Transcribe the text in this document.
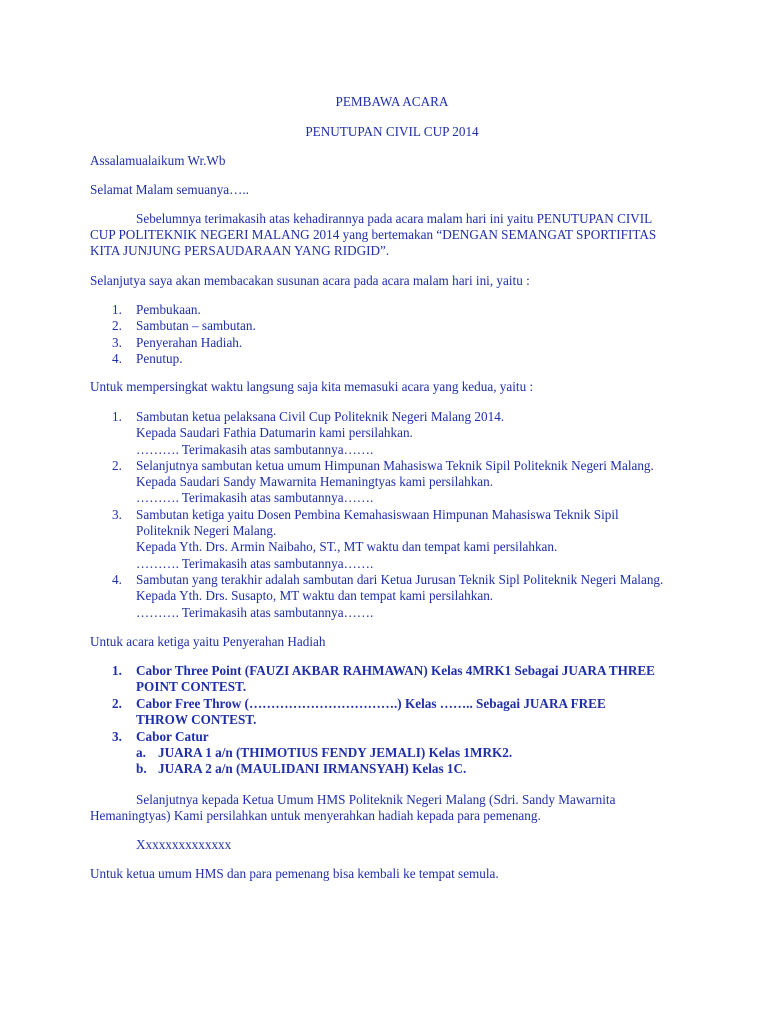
PEMBAWA ACARA
PENUTUPAN CIVIL CUP 2014
Assalamualaikum Wr.Wb
Selamat Malam semuanya…..
Sebelumnya terimakasih atas kehadirannya pada acara malam hari ini yaitu PENUTUPAN CIVIL
CUP POLITEKNIK NEGERI MALANG 2014 yang bertemakan “DENGAN SEMANGAT SPORTIFITAS
KITA JUNJUNG PERSAUDARAAN YANG RIDGID”.
Selanjutya saya akan membacakan susunan acara pada acara malam hari ini, yaitu :
1. Pembukaan.
2. Sambutan – sambutan.
3. Penyerahan Hadiah.
4. Penutup.
Untuk mempersingkat waktu langsung saja kita memasuki acara yang kedua, yaitu :
1. Sambutan ketua pelaksana Civil Cup Politeknik Negeri Malang 2014.
Kepada Saudari Fathia Datumarin kami persilahkan.
………. Terimakasih atas sambutannya…….
2. Selanjutnya sambutan ketua umum Himpunan Mahasiswa Teknik Sipil Politeknik Negeri Malang.
Kepada Saudari Sandy Mawarnita Hemaningtyas kami persilahkan.
………. Terimakasih atas sambutannya…….
3. Sambutan ketiga yaitu Dosen Pembina Kemahasiswaan Himpunan Mahasiswa Teknik Sipil
Politeknik Negeri Malang.
Kepada Yth. Drs. Armin Naibaho, ST., MT waktu dan tempat kami persilahkan.
………. Terimakasih atas sambutannya…….
4. Sambutan yang terakhir adalah sambutan dari Ketua Jurusan Teknik Sipl Politeknik Negeri Malang.
Kepada Yth. Drs. Susapto, MT waktu dan tempat kami persilahkan.
………. Terimakasih atas sambutannya…….
Untuk acara ketiga yaitu Penyerahan Hadiah
1. Cabor Three Point (FAUZI AKBAR RAHMAWAN) Kelas 4MRK1 Sebagai JUARA THREE
POINT CONTEST.
2. Cabor Free Throw (…………………………….) Kelas …….. Sebagai JUARA FREE
THROW CONTEST.
3. Cabor Catur
a. JUARA 1 a/n (THIMOTIUS FENDY JEMALI) Kelas 1MRK2.
b. JUARA 2 a/n (MAULIDANI IRMANSYAH) Kelas 1C.
Selanjutnya kepada Ketua Umum HMS Politeknik Negeri Malang (Sdri. Sandy Mawarnita
Hemaningtyas) Kami persilahkan untuk menyerahkan hadiah kepada para pemenang.
Xxxxxxxxxxxxxx
Untuk ketua umum HMS dan para pemenang bisa kembali ke tempat semula.
